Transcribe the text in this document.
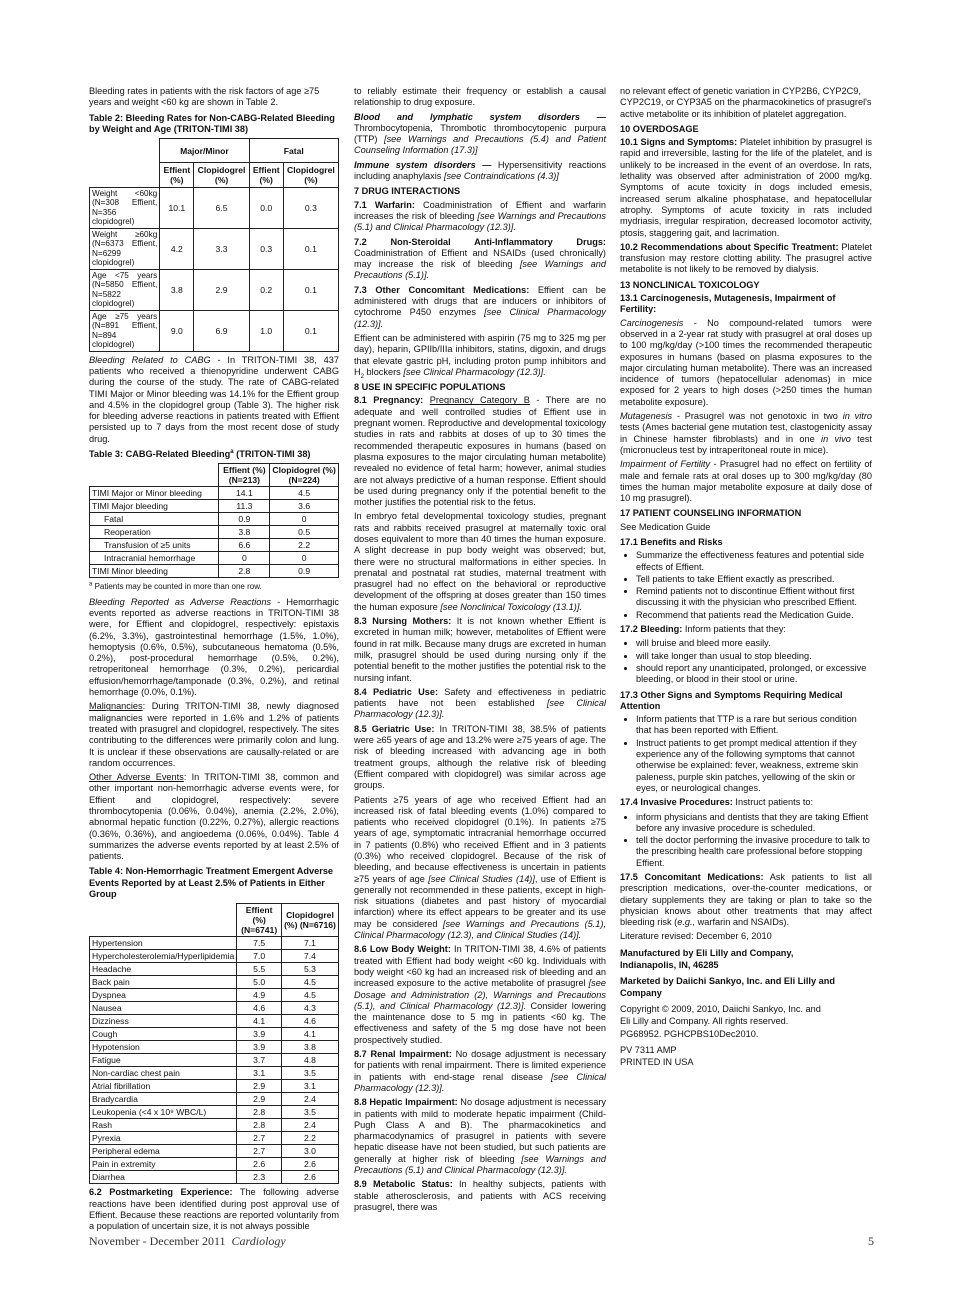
Bleeding rates in patients with the risk factors of age ≥75 years and weight <60 kg are shown in Table 2.

Table 2: Bleeding Rates for Non-CABG-Related Bleeding by Weight and Age (TRITON-TIMI 38)
	Major/Minor		Fatal	
	Effient (%)	Clopidogrel (%)	Effient (%)	Clopidogrel (%)
Weight <60kg (N=308 Effient, N=356 clopidogrel)	10.1	6.5	0.0	0.3
Weight ≥60kg (N=6373 Effient, N=6299 clopidogrel)	4.2	3.3	0.3	0.1
Age <75 years (N=5850 Effient, N=5822 clopidogrel)	3.8	2.9	0.2	0.1
Age ≥75 years (N=891 Effient, N=894 clopidogrel)	9.0	6.9	1.0	0.1

Bleeding Related to CABG - In TRITON-TIMI 38, 437 patients who received a thienopyridine underwent CABG during the course of the study. The rate of CABG-related TIMI Major or Minor bleeding was 14.1% for the Effient group and 4.5% in the clopidogrel group (Table 3). The higher risk for bleeding adverse reactions in patients treated with Effient persisted up to 7 days from the most recent dose of study drug.

Table 3: CABG-Related Bleeding$^a$ (TRITON-TIMI 38)
	Effient (%) (N=213)	Clopidogrel (%) (N=224)
TIMI Major or Minor bleeding	14.1	4.5
TIMI Major bleeding	11.3	3.6
Fatal	0.9	0
Reoperation	3.8	0.5
Transfusion of ≥5 units	6.6	2.2
Intracranial hemorrhage	0	0
TIMI Minor bleeding	2.8	0.9
$^a$ Patients may be counted in more than one row.

Bleeding Reported as Adverse Reactions - Hemorrhagic events reported as adverse reactions in TRITON-TIMI 38 were, for Effient and clopidogrel, respectively: epistaxis (6.2%, 3.3%), gastrointestinal hemorrhage (1.5%, 1.0%), hemoptysis (0.6%, 0.5%), subcutaneous hematoma (0.5%, 0.2%), post-procedural hemorrhage (0.5%, 0.2%), retroperitoneal hemorrhage (0.3%, 0.2%), pericardial effusion/hemorrhage/tamponade (0.3%, 0.2%), and retinal hemorrhage (0.0%, 0.1%).

Malignancies: During TRITON-TIMI 38, newly diagnosed malignancies were reported in 1.6% and 1.2% of patients treated with prasugrel and clopidogrel, respectively. The sites contributing to the differences were primarily colon and lung. It is unclear if these observations are causally-related or are random occurrences.

Other Adverse Events: In TRITON-TIMI 38, common and other important non-hemorrhagic adverse events were, for Effient and clopidogrel, respectively: severe thrombocytopenia (0.06%, 0.04%), anemia (2.2%, 2.0%), abnormal hepatic function (0.22%, 0.27%), allergic reactions (0.36%, 0.36%), and angioedema (0.06%, 0.04%). Table 4 summarizes the adverse events reported by at least 2.5% of patients.

Table 4: Non-Hemorrhagic Treatment Emergent Adverse Events Reported by at Least 2.5% of Patients in Either Group
	Effient (%) (N=6741)	Clopidogrel (%) (N=6716)
Hypertension	7.5	7.1
Hypercholesterolemia/Hyperlipidemia	7.0	7.4
Headache	5.5	5.3
Back pain	5.0	4.5
Dyspnea	4.9	4.5
Nausea	4.6	4.3
Dizziness	4.1	4.6
Cough	3.9	4.1
Hypotension	3.9	3.8
Fatigue	3.7	4.8
Non-cardiac chest pain	3.1	3.5
Atrial fibrillation	2.9	3.1
Bradycardia	2.9	2.4
Leukopenia (<4 x 10⁹ WBC/L)	2.8	3.5
Rash	2.8	2.4
Pyrexia	2.7	2.2
Peripheral edema	2.7	3.0
Pain in extremity	2.6	2.6
Diarrhea	2.3	2.6

6.2 Postmarketing Experience: The following adverse reactions have been identified during post approval use of Effient. Because these reactions are reported voluntarily from a population of uncertain size, it is not always possible

to reliably estimate their frequency or establish a causal relationship to drug exposure.

Blood and lymphatic system disorders — Thrombocytopenia, Thrombotic thrombocytopenic purpura (TTP) [see Warnings and Precautions (5.4) and Patient Counseling Information (17.3)]

Immune system disorders — Hypersensitivity reactions including anaphylaxis [see Contraindications (4.3)]

7 DRUG INTERACTIONS

7.1 Warfarin: Coadministration of Effient and warfarin increases the risk of bleeding [see Warnings and Precautions (5.1) and Clinical Pharmacology (12.3)].

7.2 Non-Steroidal Anti-Inflammatory Drugs: Coadministration of Effient and NSAIDs (used chronically) may increase the risk of bleeding [see Warnings and Precautions (5.1)].

7.3 Other Concomitant Medications: Effient can be administered with drugs that are inducers or inhibitors of cytochrome P450 enzymes [see Clinical Pharmacology (12.3)].

Effient can be administered with aspirin (75 mg to 325 mg per day), heparin, GPIIb/IIIa inhibitors, statins, digoxin, and drugs that elevate gastric pH, including proton pump inhibitors and $H_2$ blockers [see Clinical Pharmacology (12.3)].

8 USE IN SPECIFIC POPULATIONS

8.1 Pregnancy: Pregnancy Category B - There are no adequate and well controlled studies of Effient use in pregnant women. Reproductive and developmental toxicology studies in rats and rabbits at doses of up to 30 times the recommended therapeutic exposures in humans (based on plasma exposures to the major circulating human metabolite) revealed no evidence of fetal harm; however, animal studies are not always predictive of a human response. Effient should be used during pregnancy only if the potential benefit to the mother justifies the potential risk to the fetus.

In embryo fetal developmental toxicology studies, pregnant rats and rabbits received prasugrel at maternally toxic oral doses equivalent to more than 40 times the human exposure. A slight decrease in pup body weight was observed; but, there were no structural malformations in either species. In prenatal and postnatal rat studies, maternal treatment with prasugrel had no effect on the behavioral or reproductive development of the offspring at doses greater than 150 times the human exposure [see Nonclinical Toxicology (13.1)].

8.3 Nursing Mothers: It is not known whether Effient is excreted in human milk; however, metabolites of Effient were found in rat milk. Because many drugs are excreted in human milk, prasugrel should be used during nursing only if the potential benefit to the mother justifies the potential risk to the nursing infant.

8.4 Pediatric Use: Safety and effectiveness in pediatric patients have not been established [see Clinical Pharmacology (12.3)].

8.5 Geriatric Use: In TRITON-TIMI 38, 38.5% of patients were ≥65 years of age and 13.2% were ≥75 years of age. The risk of bleeding increased with advancing age in both treatment groups, although the relative risk of bleeding (Effient compared with clopidogrel) was similar across age groups.

Patients ≥75 years of age who received Effient had an increased risk of fatal bleeding events (1.0%) compared to patients who received clopidogrel (0.1%). In patients ≥75 years of age, symptomatic intracranial hemorrhage occurred in 7 patients (0.8%) who received Effient and in 3 patients (0.3%) who received clopidogrel. Because of the risk of bleeding, and because effectiveness is uncertain in patients ≥75 years of age [see Clinical Studies (14)], use of Effient is generally not recommended in these patients, except in high-risk situations (diabetes and past history of myocardial infarction) where its effect appears to be greater and its use may be considered [see Warnings and Precautions (5.1), Clinical Pharmacology (12.3), and Clinical Studies (14)].

8.6 Low Body Weight: In TRITON-TIMI 38, 4.6% of patients treated with Effient had body weight <60 kg. Individuals with body weight <60 kg had an increased risk of bleeding and an increased exposure to the active metabolite of prasugrel [see Dosage and Administration (2), Warnings and Precautions (5.1), and Clinical Pharmacology (12.3)]. Consider lowering the maintenance dose to 5 mg in patients <60 kg. The effectiveness and safety of the 5 mg dose have not been prospectively studied.

8.7 Renal Impairment: No dosage adjustment is necessary for patients with renal impairment. There is limited experience in patients with end-stage renal disease [see Clinical Pharmacology (12.3)].

8.8 Hepatic Impairment: No dosage adjustment is necessary in patients with mild to moderate hepatic impairment (Child-Pugh Class A and B). The pharmacokinetics and pharmacodynamics of prasugrel in patients with severe hepatic disease have not been studied, but such patients are generally at higher risk of bleeding [see Warnings and Precautions (5.1) and Clinical Pharmacology (12.3)].

8.9 Metabolic Status: In healthy subjects, patients with stable atherosclerosis, and patients with ACS receiving prasugrel, there was

no relevant effect of genetic variation in CYP2B6, CYP2C9, CYP2C19, or CYP3A5 on the pharmacokinetics of prasugrel's active metabolite or its inhibition of platelet aggregation.

10 OVERDOSAGE

10.1 Signs and Symptoms: Platelet inhibition by prasugrel is rapid and irreversible, lasting for the life of the platelet, and is unlikely to be increased in the event of an overdose. In rats, lethality was observed after administration of 2000 mg/kg. Symptoms of acute toxicity in dogs included emesis, increased serum alkaline phosphatase, and hepatocellular atrophy. Symptoms of acute toxicity in rats included mydriasis, irregular respiration, decreased locomotor activity, ptosis, staggering gait, and lacrimation.

10.2 Recommendations about Specific Treatment: Platelet transfusion may restore clotting ability. The prasugrel active metabolite is not likely to be removed by dialysis.

13 NONCLINICAL TOXICOLOGY
13.1 Carcinogenesis, Mutagenesis, Impairment of Fertility:

Carcinogenesis - No compound-related tumors were observed in a 2-year rat study with prasugrel at oral doses up to 100 mg/kg/day (>100 times the recommended therapeutic exposures in humans (based on plasma exposures to the major circulating human metabolite). There was an increased incidence of tumors (hepatocellular adenomas) in mice exposed for 2 years to high doses (>250 times the human metabolite exposure).

Mutagenesis - Prasugrel was not genotoxic in two in vitro tests (Ames bacterial gene mutation test, clastogenicity assay in Chinese hamster fibroblasts) and in one in vivo test (micronucleus test by intraperitoneal route in mice).

Impairment of Fertility - Prasugrel had no effect on fertility of male and female rats at oral doses up to 300 mg/kg/day (80 times the human major metabolite exposure at daily dose of 10 mg prasugrel).

17 PATIENT COUNSELING INFORMATION

See Medication Guide

17.1 Benefits and Risks
• Summarize the effectiveness features and potential side effects of Effient.
• Tell patients to take Effient exactly as prescribed.
• Remind patients not to discontinue Effient without first discussing it with the physician who prescribed Effient.
• Recommend that patients read the Medication Guide.

17.2 Bleeding: Inform patients that they:

• will bruise and bleed more easily.
• will take longer than usual to stop bleeding.
• should report any unanticipated, prolonged, or excessive bleeding, or blood in their stool or urine.
17.3 Other Signs and Symptoms Requiring Medical Attention
• Inform patients that TTP is a rare but serious condition that has been reported with Effient.
• Instruct patients to get prompt medical attention if they experience any of the following symptoms that cannot otherwise be explained: fever, weakness, extreme skin paleness, purple skin patches, yellowing of the skin or eyes, or neurological changes.

17.4 Invasive Procedures: Instruct patients to:

• inform physicians and dentists that they are taking Effient before any invasive procedure is scheduled.
• tell the doctor performing the invasive procedure to talk to the prescribing health care professional before stopping Effient.

17.5 Concomitant Medications: Ask patients to list all prescription medications, over-the-counter medications, or dietary supplements they are taking or plan to take so the physician knows about other treatments that may affect bleeding risk (e.g., warfarin and NSAIDs).

Literature revised: December 6, 2010

Manufactured by Eli Lilly and Company,

Indianapolis, IN, 46285

Marketed by Daiichi Sankyo, Inc. and Eli Lilly and Company

Copyright © 2009, 2010, Daiichi Sankyo, Inc. and

Eli Lilly and Company. All rights reserved.

PG68952. PGHCPBS10Dec2010.

PV 7311 AMP

PRINTED IN USA

November - December 2011 Cardiology	5
